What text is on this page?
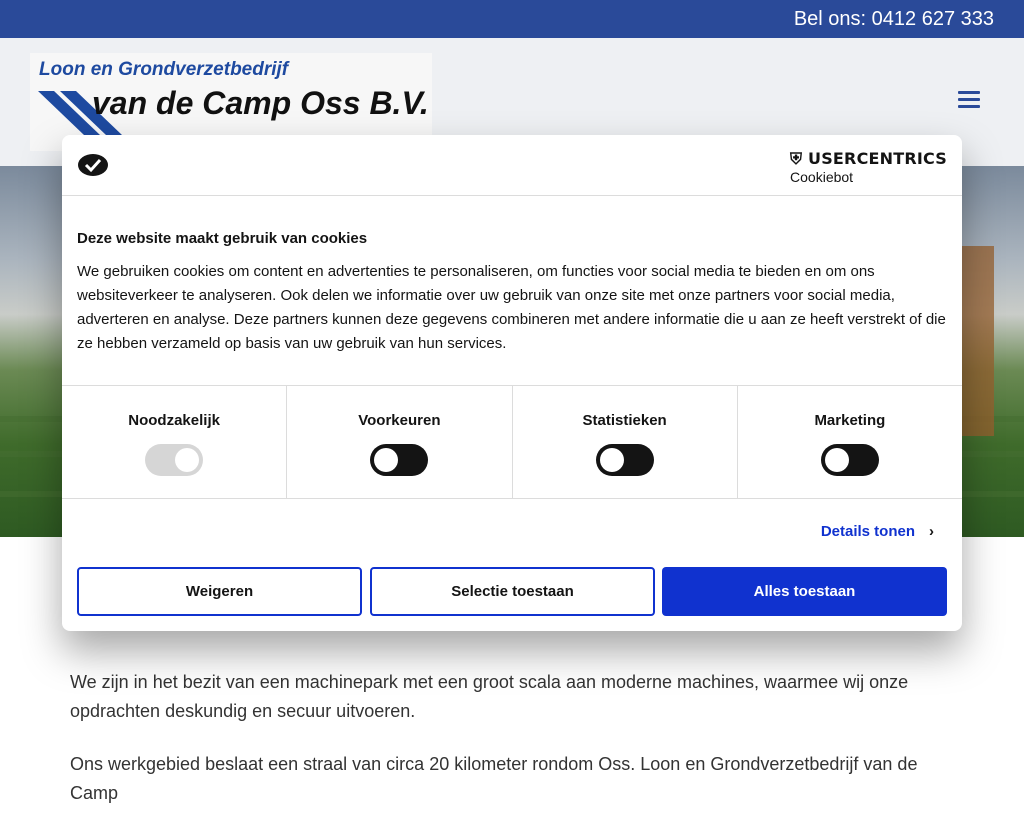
Bel ons: 0412 627 333
Loon en Grondverzetbedrijf
van de Camp Oss B.V.

We zijn in het bezit van een machinepark met een groot scala aan moderne machines, waarmee wij onze opdrachten deskundig en secuur uitvoeren.

Ons werkgebied beslaat een straal van circa 20 kilometer rondom Oss. Loon en Grondverzetbedrijf van de Camp

⛨ USERCENTRICS
Cookiebot
Deze website maakt gebruik van cookies
We gebruiken cookies om content en advertenties te personaliseren, om functies voor social media te bieden en om ons websiteverkeer te analyseren. Ook delen we informatie over uw gebruik van onze site met onze partners voor social media, adverteren en analyse. Deze partners kunnen deze gegevens combineren met andere informatie die u aan ze heeft verstrekt of die ze hebben verzameld op basis van uw gebruik van hun services.
Noodzakelijk	Voorkeuren	Statistieken	Marketing
Details tonen ›
Weigeren	Selectie toestaan	Alles toestaan
